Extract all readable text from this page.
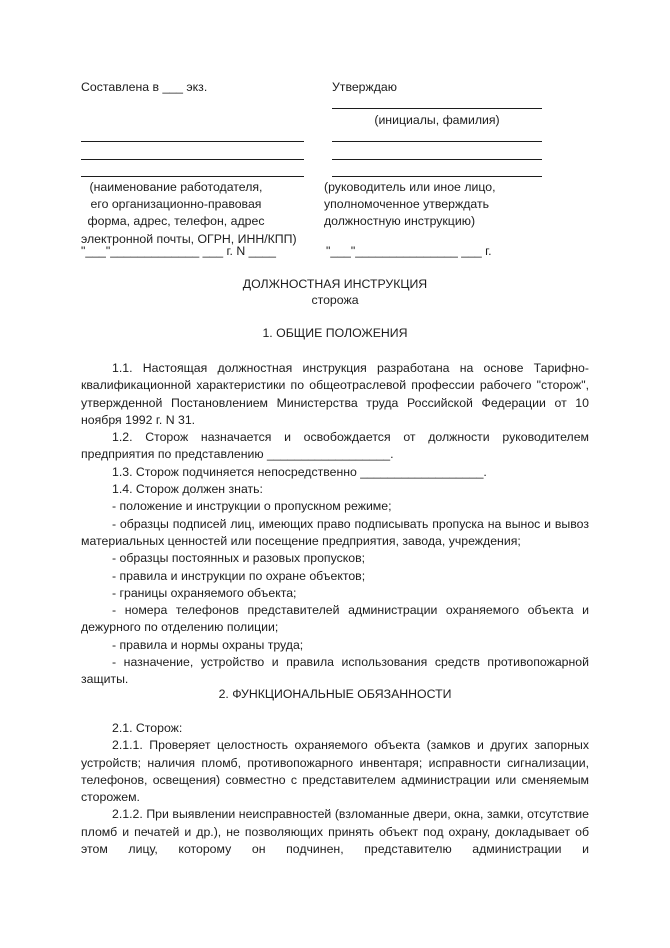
Составлена в ___ экз.
(наименование работодателя,
его организационно-правовая
форма, адрес, телефон, адрес
электронной почты, ОГРН, ИНН/КПП)
"___"_____________ ___ г. N ____
Утверждаю
(инициалы, фамилия)
(руководитель или иное лицо,
уполномоченное утверждать
должностную инструкцию)
"___"_______________ ___ г.
ДОЛЖНОСТНАЯ ИНСТРУКЦИЯ
сторожа
1. ОБЩИЕ ПОЛОЖЕНИЯ

1.1. Настоящая должностная инструкция разработана на основе Тарифно-квалификационной характеристики по общеотраслевой профессии рабочего "сторож", утвержденной Постановлением Министерства труда Российской Федерации от 10 ноября 1992 г. N 31.

1.2. Сторож назначается и освобождается от должности руководителем предприятия по представлению __________________.

1.3. Сторож подчиняется непосредственно __________________.

1.4. Сторож должен знать:

- положение и инструкции о пропускном режиме;

- образцы подписей лиц, имеющих право подписывать пропуска на вынос и вывоз материальных ценностей или посещение предприятия, завода, учреждения;

- образцы постоянных и разовых пропусков;

- правила и инструкции по охране объектов;

- границы охраняемого объекта;

- номера телефонов представителей администрации охраняемого объекта и дежурного по отделению полиции;

- правила и нормы охраны труда;

- назначение, устройство и правила использования средств противопожарной защиты.

2. ФУНКЦИОНАЛЬНЫЕ ОБЯЗАННОСТИ

2.1. Сторож:

2.1.1. Проверяет целостность охраняемого объекта (замков и других запорных устройств; наличия пломб, противопожарного инвентаря; исправности сигнализации, телефонов, освещения) совместно с представителем администрации или сменяемым сторожем.

2.1.2. При выявлении неисправностей (взломанные двери, окна, замки, отсутствие пломб и печатей и др.), не позволяющих принять объект под охрану, докладывает об этом лицу, которому он подчинен, представителю администрации и
